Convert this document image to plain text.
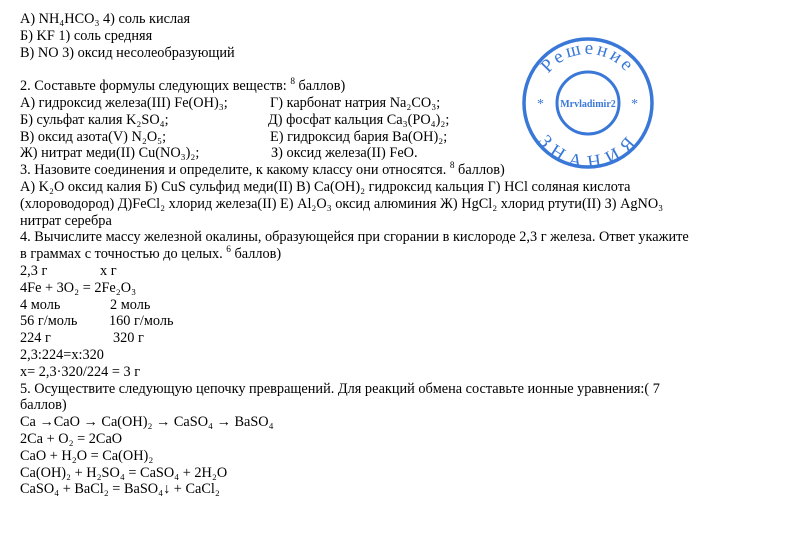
А) NH₄HCO₃ 4) соль кислая
Б) KF 1) соль средняя
В) NO 3) оксид несолеобразующий
2. Составьте формулы следующих веществ: $^8$ баллов)
А) гидроксид железа(III) Fe(OH)₃;	Г) карбонат натрия Na₂CO₃;
Б) сульфат калия K₂SO₄;	Д) фосфат кальция Ca₃(PO₄)₂;
В) оксид азота(V) N₂O₅;	Е) гидроксид бария Ba(OH)₂;
Ж) нитрат меди(II) Cu(NO₃)₂;	З) оксид железа(II) FeO.
3. Назовите соединения и определите, к какому классу они относятся. $^8$ баллов)
А) K₂O оксид калия Б) CuS сульфид меди(II) В) Ca(OH)₂ гидроксид кальция Г) HCl соляная кислота
(хлороводород) Д)FeCl₂ хлорид железа(II) Е) Al₂O₃ оксид алюминия Ж) HgCl₂ хлорид ртути(II) З) AgNO₃
нитрат серебра
4. Вычислите массу железной окалины, образующейся при сгорании в кислороде 2,3 г железа. Ответ укажите
в граммах с точностью до целых. $^6$ баллов)
2,3 г	х г
4Fe + 3O₂ = 2Fe₂O₃
4 моль	2 моль
56 г/моль 160 г/моль
224 г	320 г
2,3:224=х:320
х= 2,3·320/224 = 3 г
5. Осуществите следующую цепочку превращений. Для реакций обмена составьте ионные уравнения:( 7
баллов)
Ca →CaO → Ca(OH)₂ → CaSO₄ → BaSO₄
2Ca + O₂ = 2CaO
CaO + H₂O = Ca(OH)₂
Ca(OH)₂ + H₂SO₄ = CaSO₄ + 2H₂O
CaSO₄ + BaCl₂ = BaSO₄↓ + CaCl₂
Решение
ЗНАНИЯ
Mrvladimir2
*	*
